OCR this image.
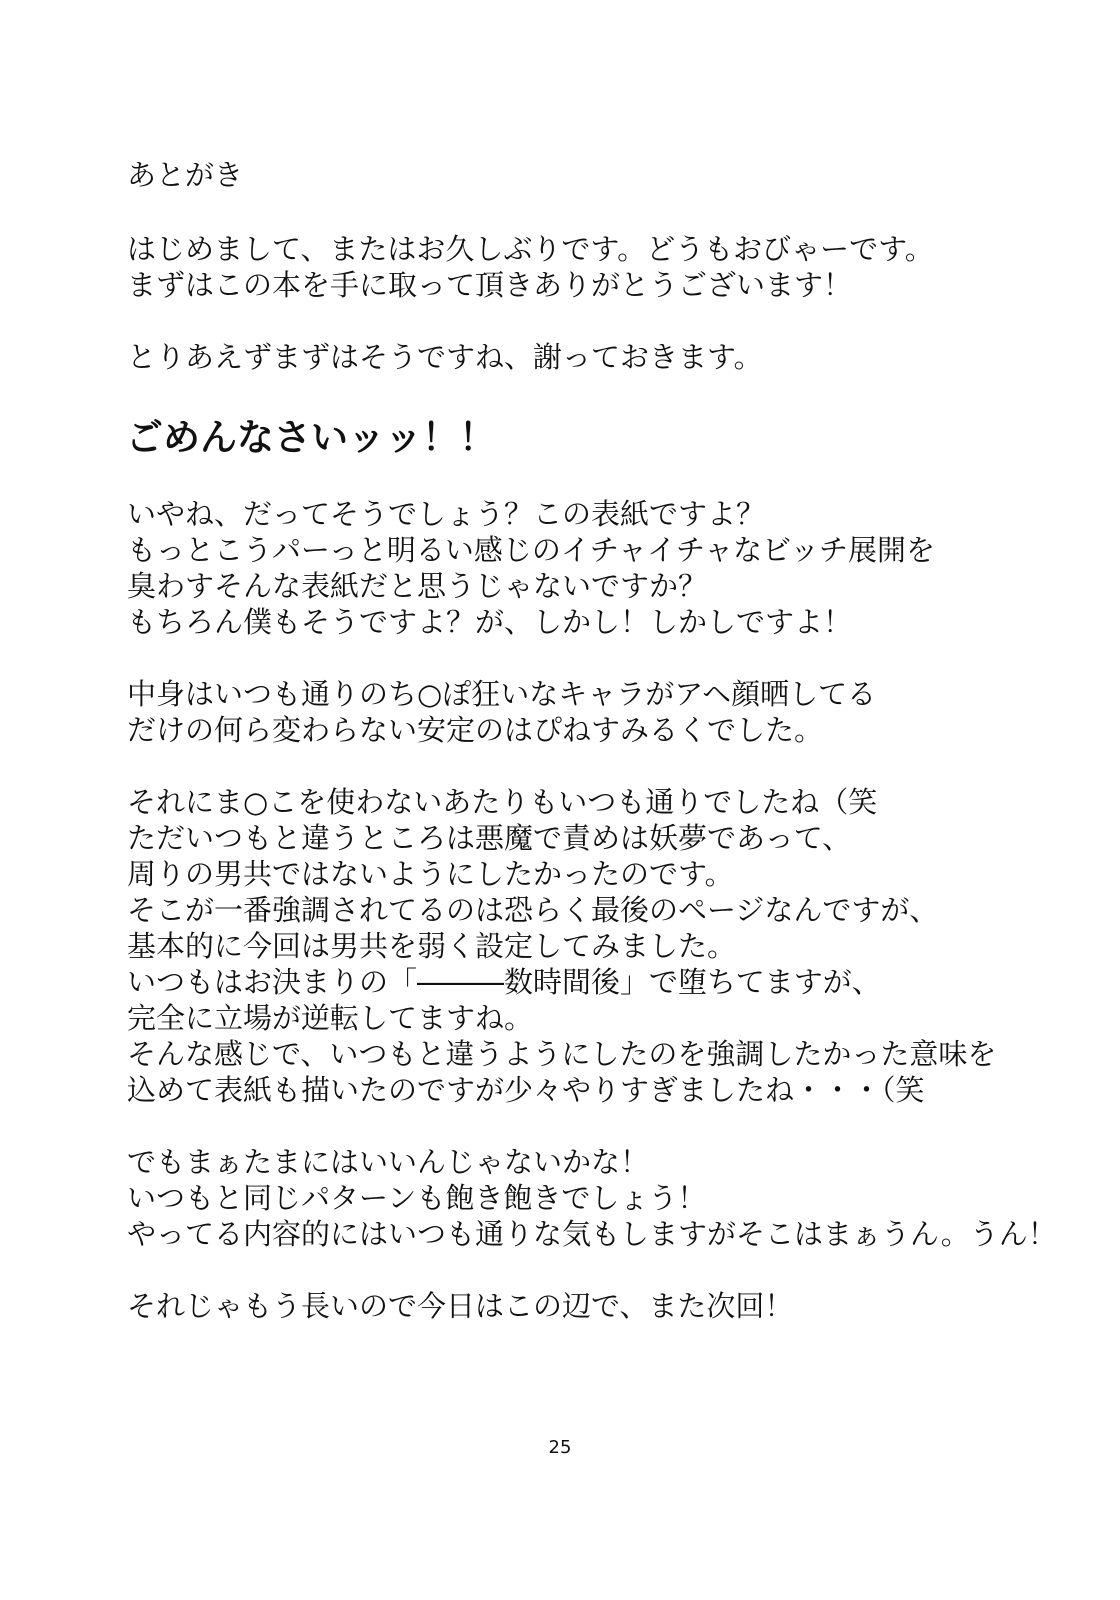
あとがき
はじめまして、またはお久しぶりです。どうもおびゃーです。
まずはこの本を手に取って頂きありがとうございます！
とりあえずまずはそうですね、謝っておきます。
ごめんなさいッッ！！
いやね、だってそうでしょう？この表紙ですよ？
もっとこうパーっと明るい感じのイチャイチャなビッチ展開を
臭わすそんな表紙だと思うじゃないですか？
もちろん僕もそうですよ？が、しかし！しかしですよ！
中身はいつも通りのち○ぽ狂いなキャラがアヘ顔晒してる
だけの何ら変わらない安定のはぴねすみるくでした。
それにま○こを使わないあたりもいつも通りでしたね（笑
ただいつもと違うところは悪魔で責めは妖夢であって、
周りの男共ではないようにしたかったのです。
そこが一番強調されてるのは恐らく最後のページなんですが、
基本的に今回は男共を弱く設定してみました。
いつもはお決まりの「―――数時間後」で堕ちてますが、
完全に立場が逆転してますね。
そんな感じで、いつもと違うようにしたのを強調したかった意味を
込めて表紙も描いたのですが少々やりすぎましたね・・・（笑
でもまぁたまにはいいんじゃないかな！
いつもと同じパターンも飽き飽きでしょう！
やってる内容的にはいつも通りな気もしますがそこはまぁうん。うん！
それじゃもう長いので今日はこの辺で、また次回！
25
